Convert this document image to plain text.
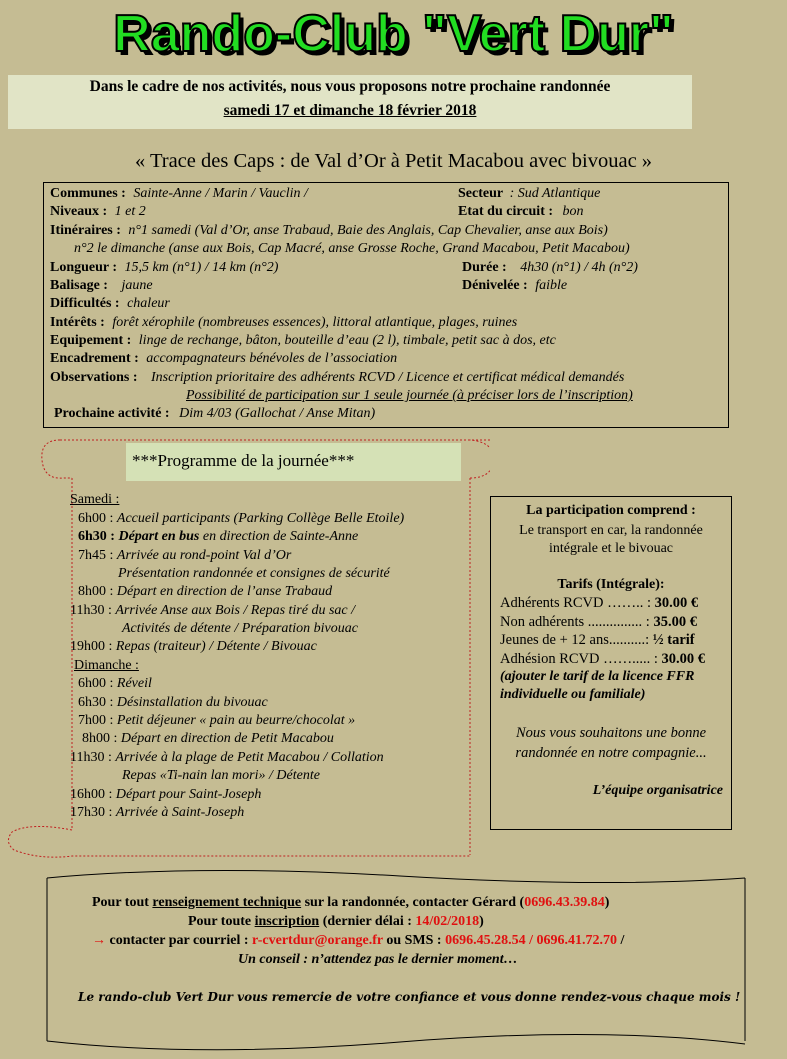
Rando-Club "Vert Dur"
Dans le cadre de nos activités, nous vous proposons notre prochaine randonnée
samedi 17 et dimanche 18 février 2018
« Trace des Caps : de Val d’Or à Petit Macabou avec bivouac »
Communes : Sainte-Anne / Marin / Vauclin /	Secteur : Sud Atlantique
Niveaux : 1 et 2	Etat du circuit : bon
Itinéraires : n°1 samedi (Val d’Or, anse Trabaud, Baie des Anglais, Cap Chevalier, anse aux Bois)
n°2 le dimanche (anse aux Bois, Cap Macré, anse Grosse Roche, Grand Macabou, Petit Macabou)
Longueur : 15,5 km (n°1) / 14 km (n°2)	Durée : 4h30 (n°1) / 4h (n°2)
Balisage : jaune	Dénivelée : faible
Difficultés : chaleur
Intérêts : forêt xérophile (nombreuses essences), littoral atlantique, plages, ruines
Equipement : linge de rechange, bâton, bouteille d’eau (2 l), timbale, petit sac à dos, etc
Encadrement : accompagnateurs bénévoles de l’association
Observations : Inscription prioritaire des adhérents RCVD / Licence et certificat médical demandés
Possibilité de participation sur 1 seule journée (à préciser lors de l’inscription)
Prochaine activité : Dim 4/03 (Gallochat / Anse Mitan)
***Programme de la journée***
Samedi :
6h00 : Accueil participants (Parking Collège Belle Etoile)
6h30 : Départ en bus en direction de Sainte-Anne
7h45 : Arrivée au rond-point Val d’Or
Présentation randonnée et consignes de sécurité
8h00 : Départ en direction de l’anse Trabaud
11h30 : Arrivée Anse aux Bois / Repas tiré du sac /
Activités de détente / Préparation bivouac
19h00 : Repas (traiteur) / Détente / Bivouac
Dimanche :
6h00 : Réveil
6h30 : Désinstallation du bivouac
7h00 : Petit déjeuner « pain au beurre/chocolat »
8h00 : Départ en direction de Petit Macabou
11h30 : Arrivée à la plage de Petit Macabou / Collation
Repas «Ti-nain lan mori» / Détente
16h00 : Départ pour Saint-Joseph
17h30 : Arrivée à Saint-Joseph
La participation comprend :
Le transport en car, la randonnée
intégrale et le bivouac
Tarifs (Intégrale):
Adhérents RCVD …….. : 30.00 €
Non adhérents ............... : 35.00 €
Jeunes de + 12 ans..........: ½ tarif
Adhésion RCVD ……..... : 30.00 €
(ajouter le tarif de la licence FFR
individuelle ou familiale)
Nous vous souhaitons une bonne
randonnée en notre compagnie...
L’équipe organisatrice
Pour tout renseignement technique sur la randonnée, contacter Gérard (0696.43.39.84)
Pour toute inscription (dernier délai : 14/02/2018)
→ contacter par courriel : r-cvertdur@orange.fr ou SMS : 0696.45.28.54 / 0696.41.72.70 /
Un conseil : n’attendez pas le dernier moment…
Le rando-club Vert Dur vous remercie de votre confiance et vous donne rendez-vous chaque mois !
